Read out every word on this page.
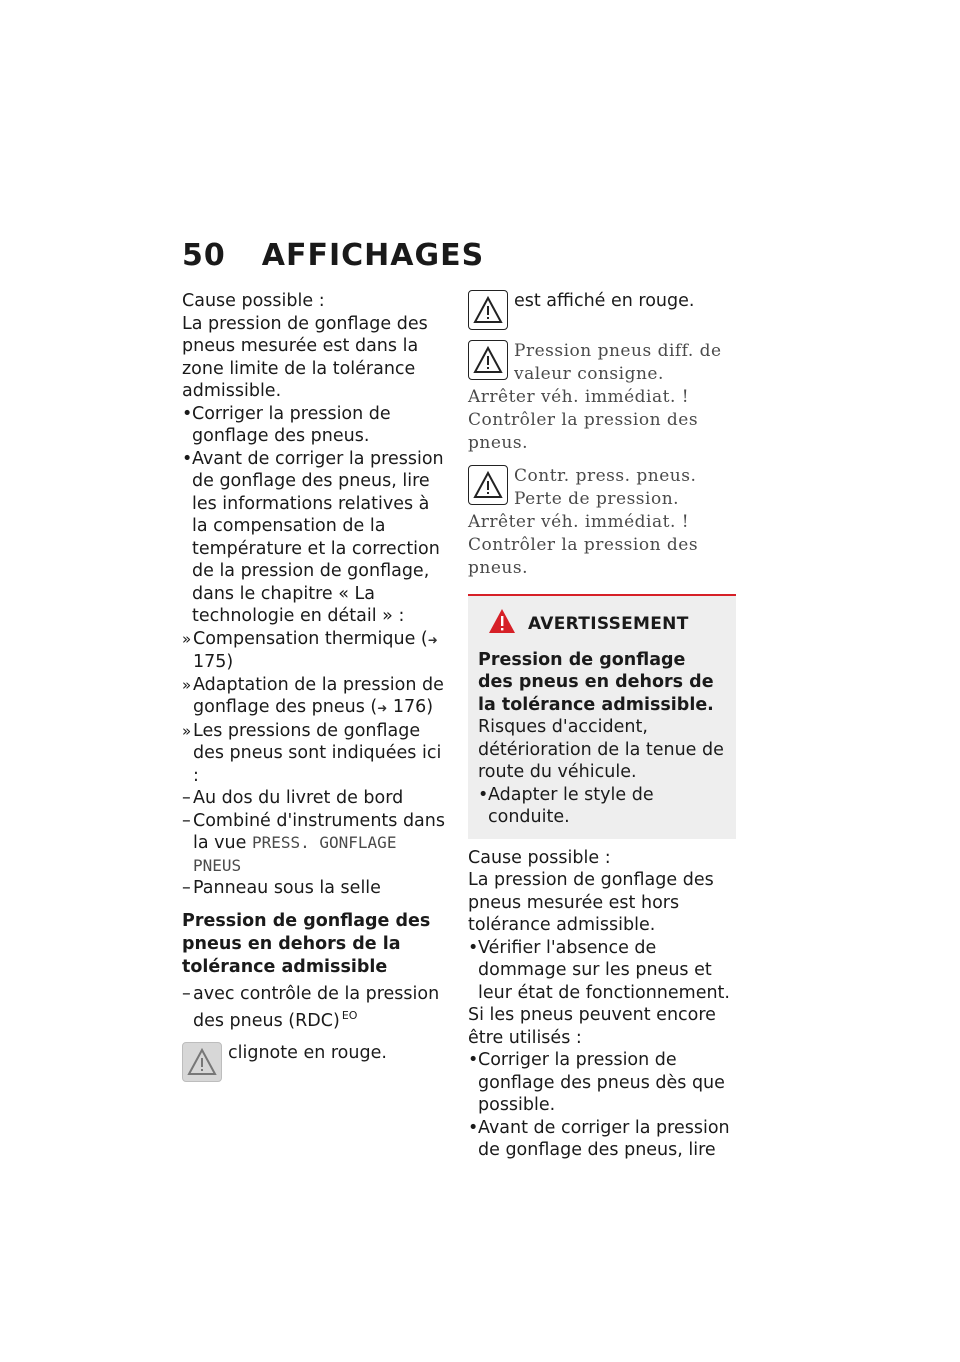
50 AFFICHAGES

Cause possible :

La pression de gonflage des pneus mesurée est dans la zone limite de la tolérance admissible.

• Corriger la pression de gonflage des pneus.

• Avant de corriger la pression de gonflage des pneus, lire les informations relatives à la compensation de la température et la correction de la pression de gonflage, dans le chapitre « La technologie en détail » :

» Compensation thermique (➜ 175)

» Adaptation de la pression de gonflage des pneus (➜ 176)

» Les pressions de gonflage des pneus sont indiquées ici :

– Au dos du livret de bord

– Combiné d'instruments dans la vue PRESS. GONFLAGE PNEUS

– Panneau sous la selle

Pression de gonflage des pneus en dehors de la tolérance admissible

– avec contrôle de la pression des pneus (RDC) $^{EO}$

clignote en rouge.
est affiché en rouge.
Pression pneus diff. de valeur consigne. Arrêter véh. immédiat. ! Contrôler la pression des pneus.
Contr. press. pneus. Perte de pression. Arrêter véh. immédiat. ! Contrôler la pression des pneus.
AVERTISSEMENT

Pression de gonflage des pneus en dehors de la tolérance admissible.

Risques d'accident, détérioration de la tenue de route du véhicule.

• Adapter le style de conduite.

Cause possible :

La pression de gonflage des pneus mesurée est hors tolérance admissible.

• Vérifier l'absence de dommage sur les pneus et leur état de fonctionnement.

Si les pneus peuvent encore être utilisés :

• Corriger la pression de gonflage des pneus dès que possible.

• Avant de corriger la pression de gonflage des pneus, lire
